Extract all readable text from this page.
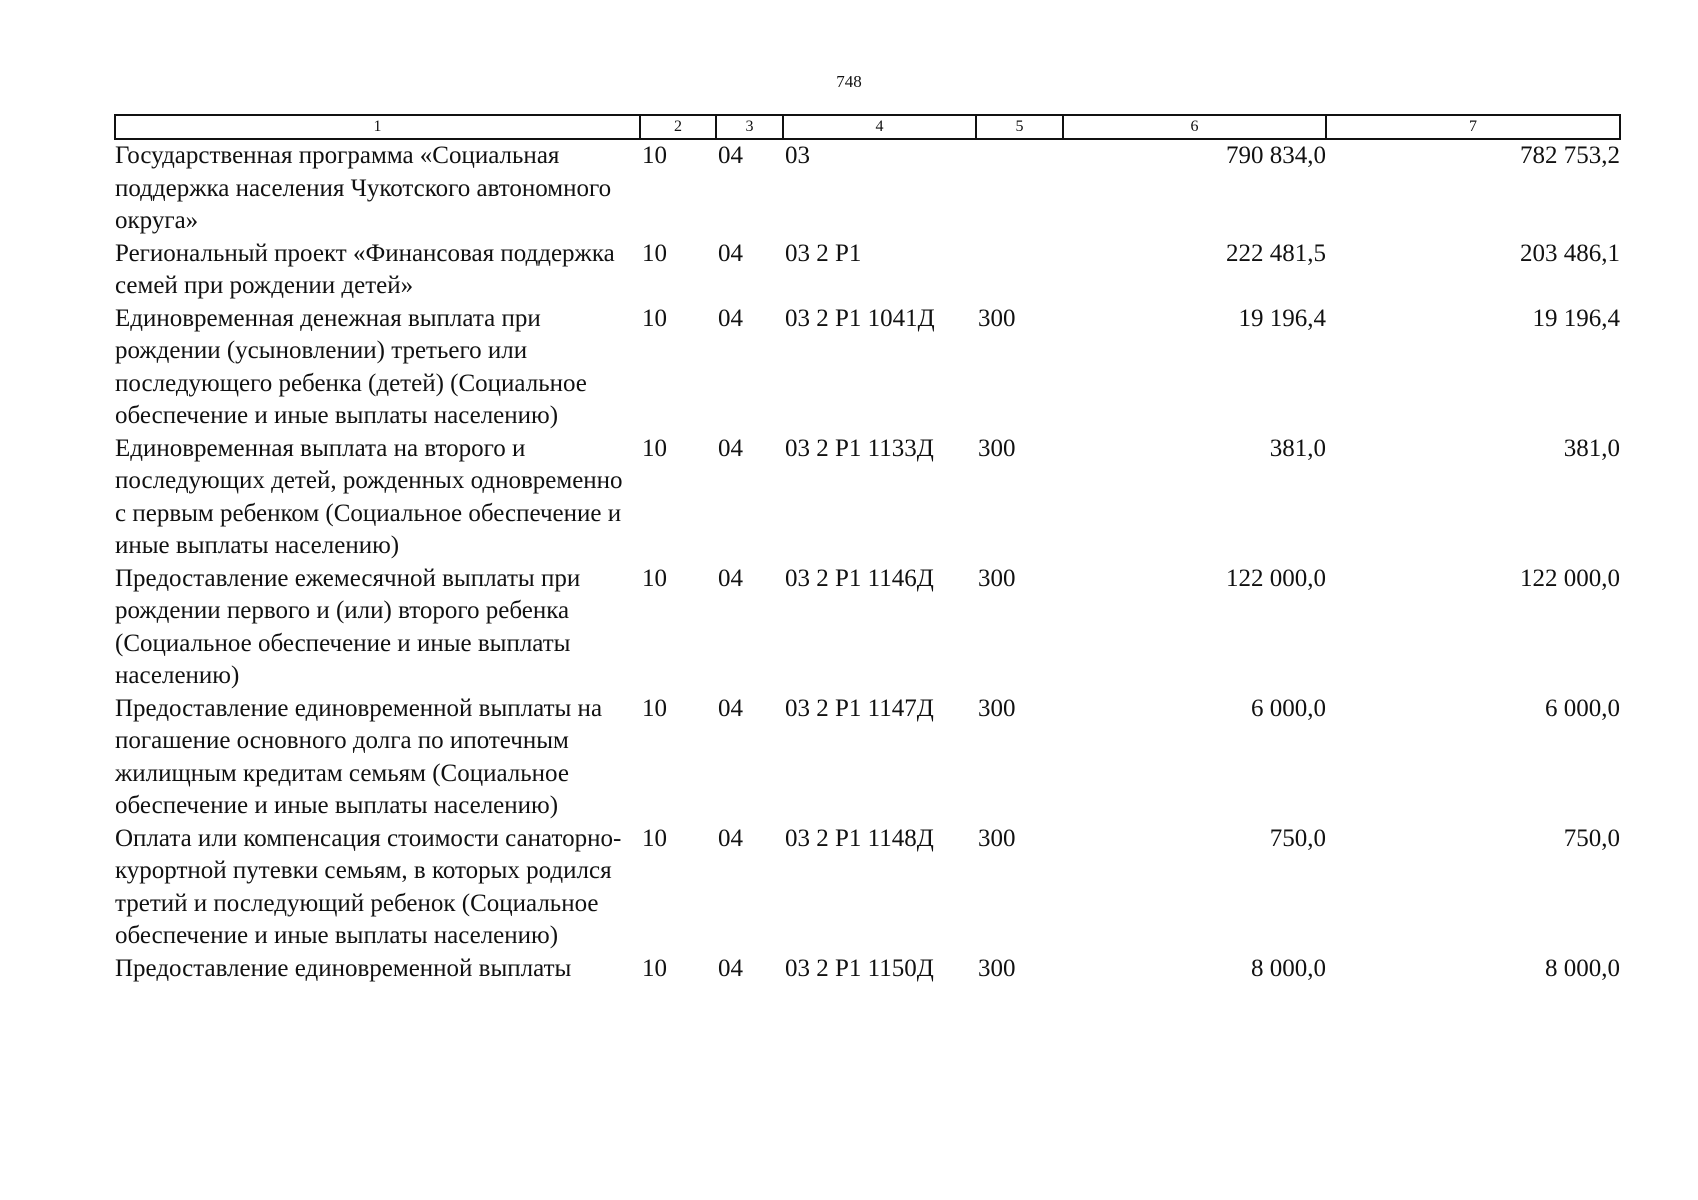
748
1	2	3	4	5	6	7
Государственная программа «Социальная поддержка населения Чукотского автономного округа»	10	04	03		790 834,0	782 753,2
Региональный проект «Финансовая поддержка семей при рождении детей»	10	04	03 2 Р1		222 481,5	203 486,1
Единовременная денежная выплата при рождении (усыновлении) третьего или последующего ребенка (детей) (Социальное обеспечение и иные выплаты населению)	10	04	03 2 Р1 1041Д	300	19 196,4	19 196,4
Единовременная выплата на второго и последующих детей, рожденных одновременно с первым ребенком (Социальное обеспечение и иные выплаты населению)	10	04	03 2 Р1 1133Д	300	381,0	381,0
Предоставление ежемесячной выплаты при рождении первого и (или) второго ребенка (Социальное обеспечение и иные выплаты населению)	10	04	03 2 Р1 1146Д	300	122 000,0	122 000,0
Предоставление единовременной выплаты на погашение основного долга по ипотечным жилищным кредитам семьям (Социальное обеспечение и иные выплаты населению)	10	04	03 2 Р1 1147Д	300	6 000,0	6 000,0
Оплата или компенсация стоимости санаторно-курортной путевки семьям, в которых родился третий и последующий ребенок (Социальное обеспечение и иные выплаты населению)	10	04	03 2 Р1 1148Д	300	750,0	750,0
Предоставление единовременной выплаты	10	04	03 2 Р1 1150Д	300	8 000,0	8 000,0
